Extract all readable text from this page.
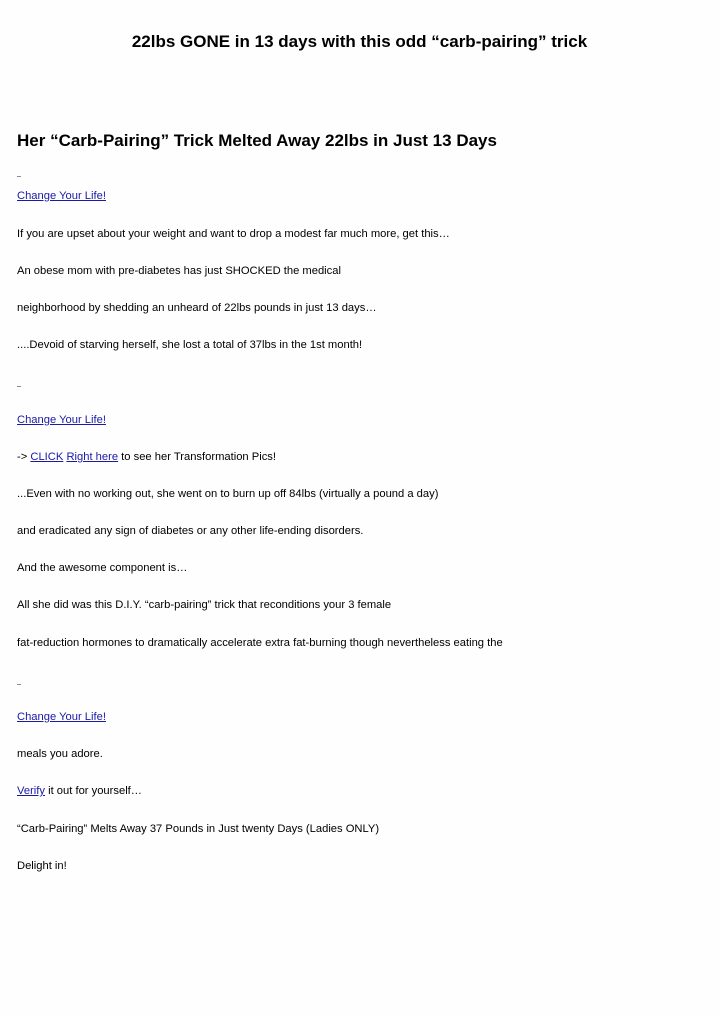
22lbs GONE in 13 days with this odd “carb-pairing” trick
Her “Carb-Pairing” Trick Melted Away 22lbs in Just 13 Days

Change Your Life!

If you are upset about your weight and want to drop a modest far much more, get this…

An obese mom with pre-diabetes has just SHOCKED the medical

neighborhood by shedding an unheard of 22lbs pounds in just 13 days…

....Devoid of starving herself, she lost a total of 37lbs in the 1st month!

Change Your Life!

-> CLICK Right here to see her Transformation Pics!

...Even with no working out, she went on to burn up off 84lbs (virtually a pound a day)

and eradicated any sign of diabetes or any other life-ending disorders.

And the awesome component is…

All she did was this D.I.Y. “carb-pairing” trick that reconditions your 3 female

fat-reduction hormones to dramatically accelerate extra fat-burning though nevertheless eating the

Change Your Life!

meals you adore.

Verify it out for yourself…

“Carb-Pairing” Melts Away 37 Pounds in Just twenty Days (Ladies ONLY)

Delight in!
